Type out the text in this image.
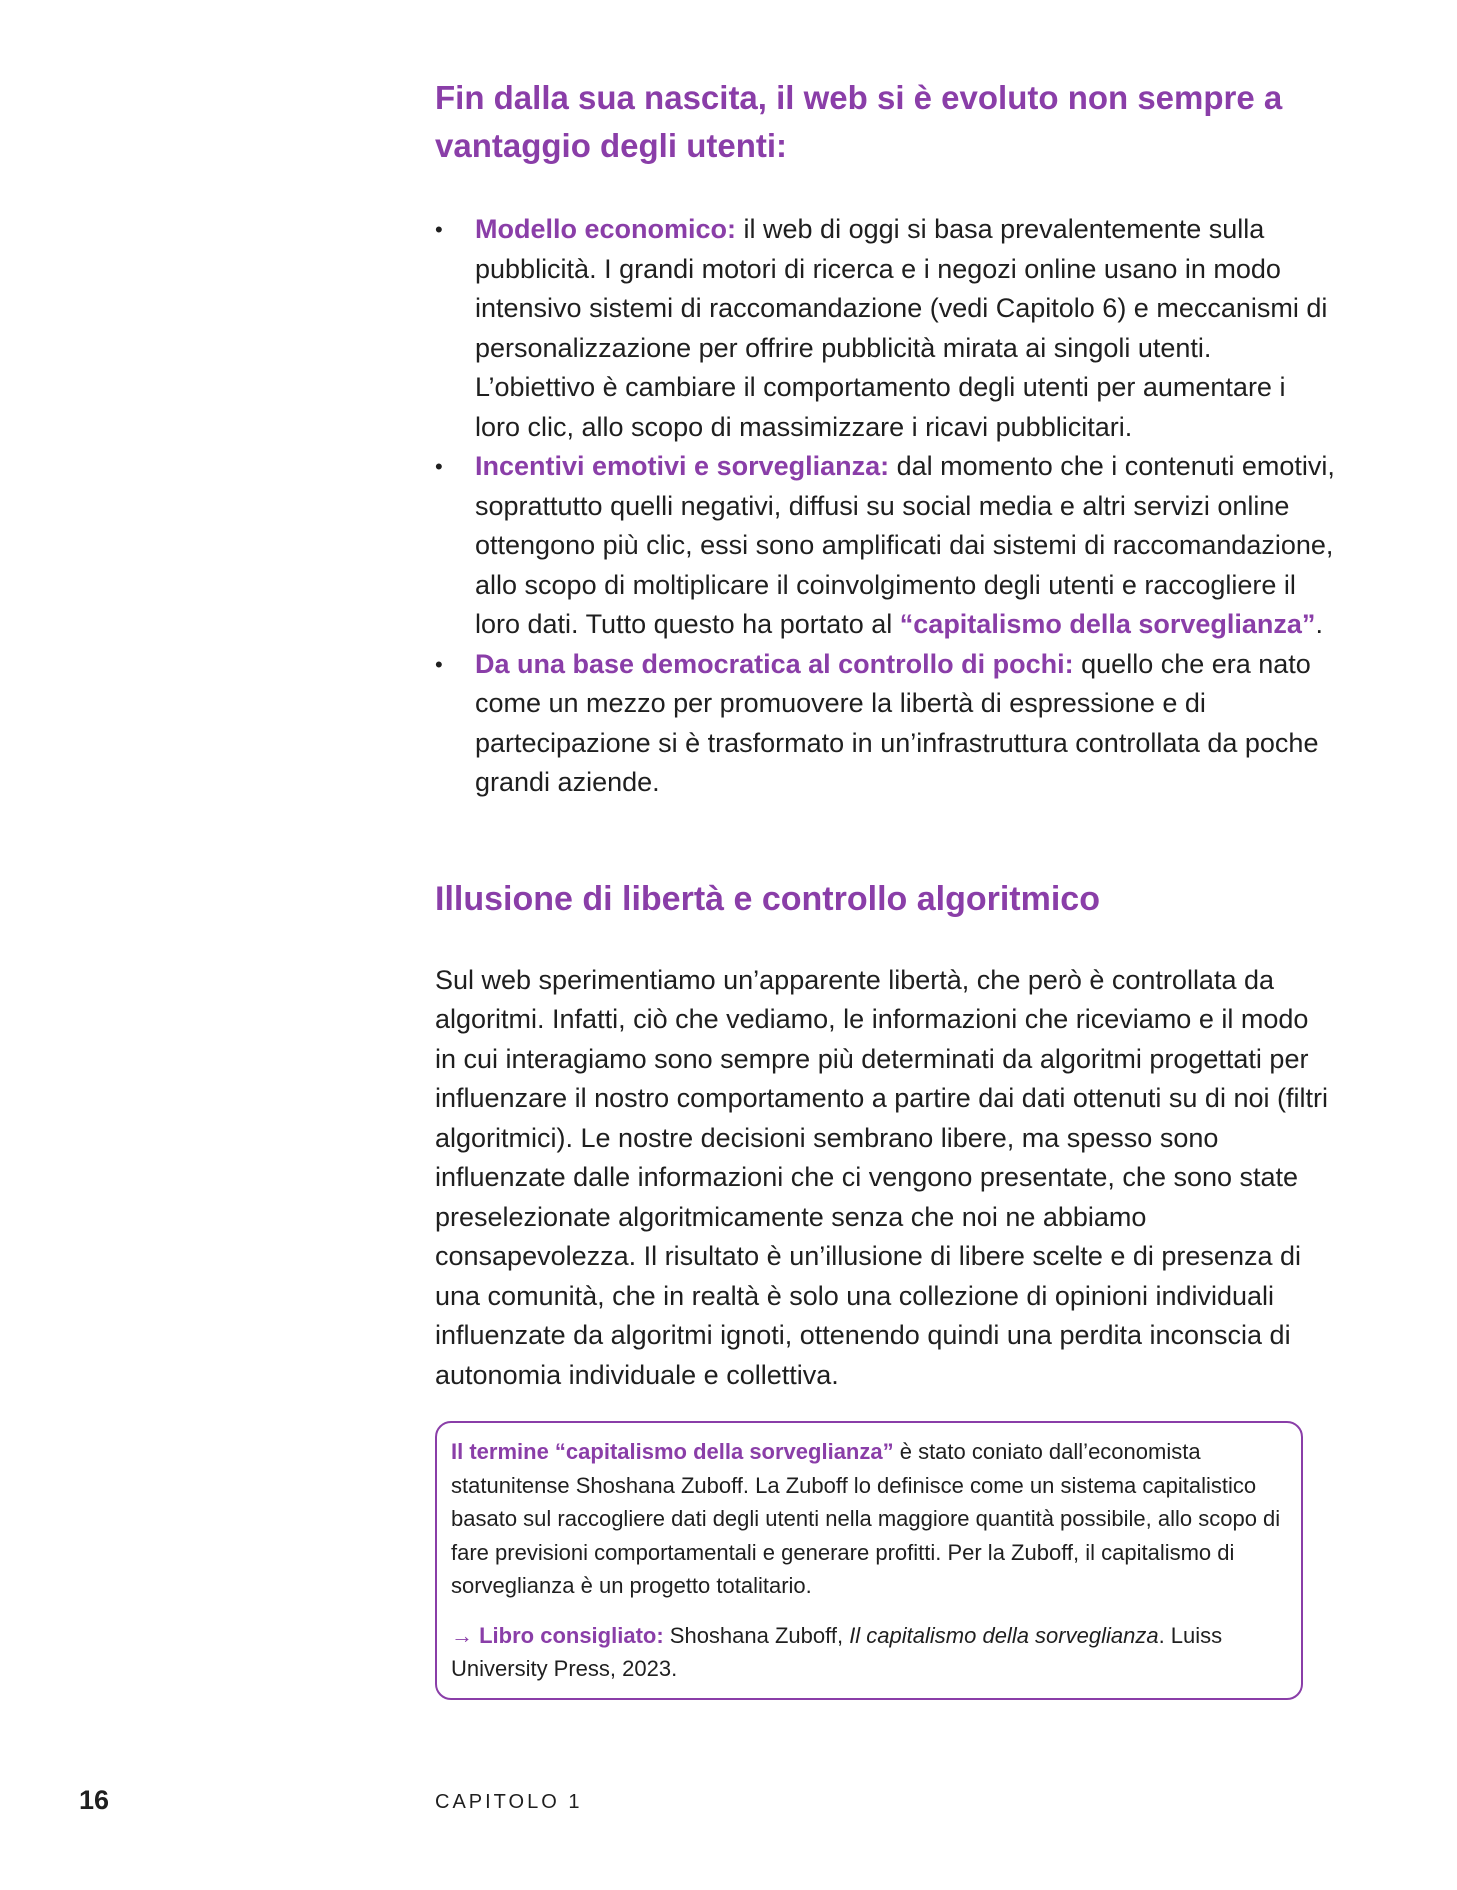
Fin dalla sua nascita, il web si è evoluto non sempre a vantaggio degli utenti:
• Modello economico: il web di oggi si basa prevalentemente sulla pubblicità. I grandi motori di ricerca e i negozi online usano in modo intensivo sistemi di raccomandazione (vedi Capitolo 6) e meccanismi di personalizzazione per offrire pubblicità mirata ai singoli utenti. L’obiettivo è cambiare il comportamento degli utenti per aumentare i loro clic, allo scopo di massimizzare i ricavi pubblicitari.
• Incentivi emotivi e sorveglianza: dal momento che i contenuti emotivi, soprattutto quelli negativi, diffusi su social media e altri servizi online ottengono più clic, essi sono amplificati dai sistemi di raccomandazione, allo scopo di moltiplicare il coinvolgimento degli utenti e raccogliere il loro dati. Tutto questo ha portato al “capitalismo della sorveglianza”.
• Da una base democratica al controllo di pochi: quello che era nato come un mezzo per promuovere la libertà di espressione e di partecipazione si è trasformato in un’infrastruttura controllata da poche grandi aziende.
Illusione di libertà e controllo algoritmico

Sul web sperimentiamo un’apparente libertà, che però è controllata da algoritmi. Infatti, ciò che vediamo, le informazioni che riceviamo e il modo in cui interagiamo sono sempre più determinati da algoritmi progettati per influenzare il nostro comportamento a partire dai dati ottenuti su di noi (filtri algoritmici). Le nostre decisioni sembrano libere, ma spesso sono influenzate dalle informazioni che ci vengono presentate, che sono state preselezionate algoritmicamente senza che noi ne abbiamo consapevolezza. Il risultato è un’illusione di libere scelte e di presenza di una comunità, che in realtà è solo una collezione di opinioni individuali influenzate da algoritmi ignoti, ottenendo quindi una perdita inconscia di autonomia individuale e collettiva.

Il termine “capitalismo della sorveglianza” è stato coniato dall’economista statunitense Shoshana Zuboff. La Zuboff lo definisce come un sistema capitalistico basato sul raccogliere dati degli utenti nella maggiore quantità possibile, allo scopo di fare previsioni comportamentali e generare profitti. Per la Zuboff, il capitalismo di sorveglianza è un progetto totalitario.

→ Libro consigliato: Shoshana Zuboff, Il capitalismo della sorveglianza. Luiss University Press, 2023.

16	CAPITOLO 1
